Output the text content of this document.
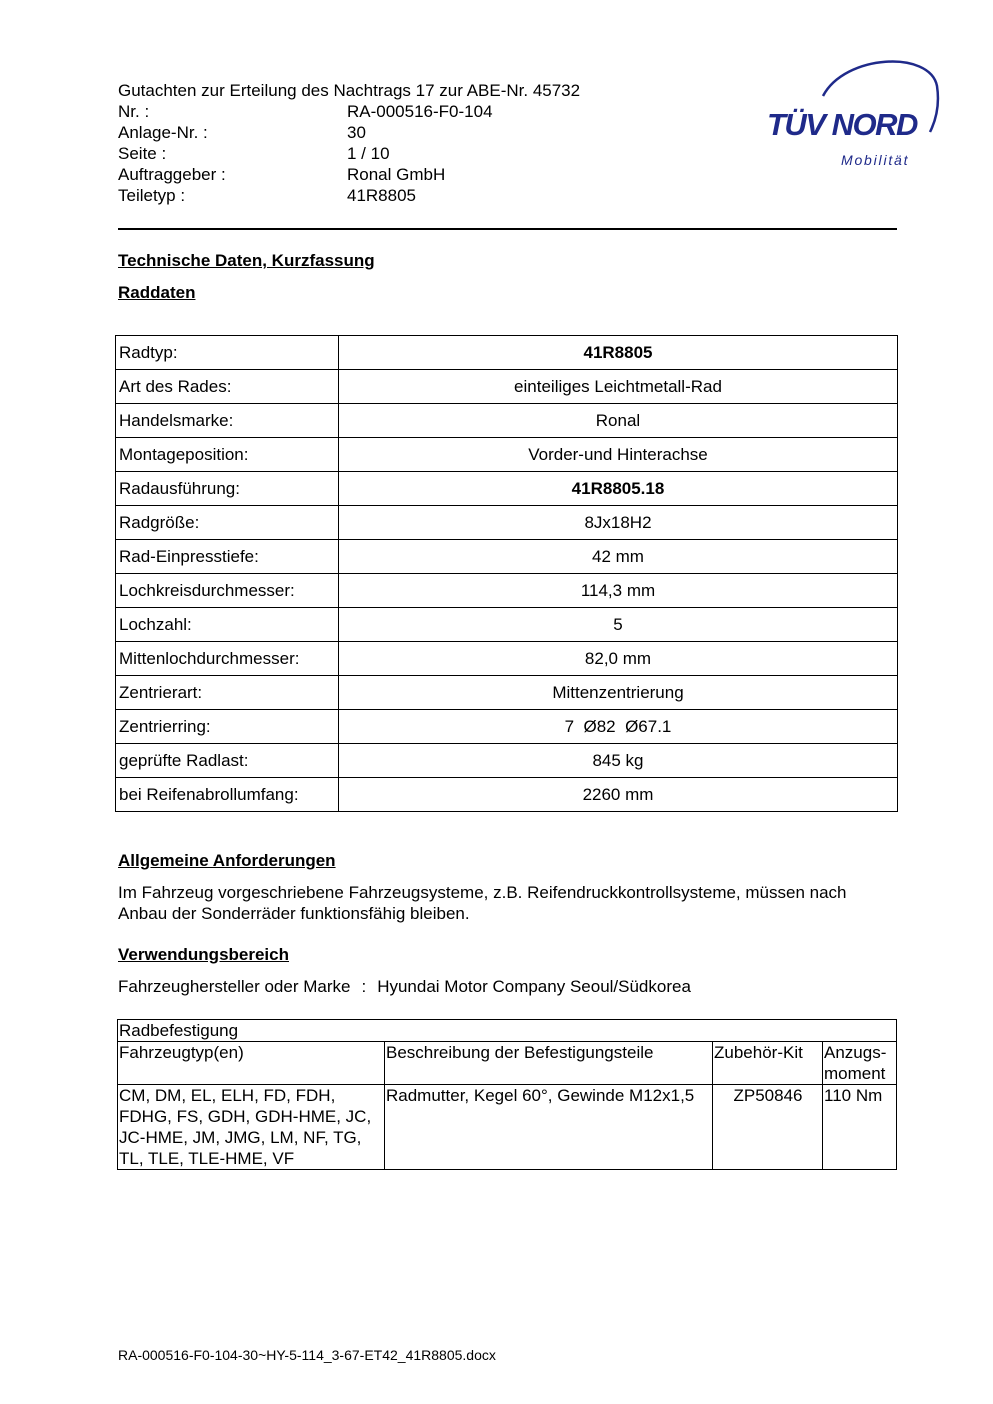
Gutachten zur Erteilung des Nachtrags 17 zur ABE-Nr. 45732
Nr. :	RA-000516-F0-104
Anlage-Nr. :	30
Seite :	1 / 10
Auftraggeber :	Ronal GmbH
Teiletyp :	41R8805
TÜV NORD
Mobilität
Technische Daten, Kurzfassung
Raddaten
Radtyp:	41R8805
Art des Rades:	einteiliges Leichtmetall-Rad
Handelsmarke:	Ronal
Montageposition:	Vorder-und Hinterachse
Radausführung:	41R8805.18
Radgröße:	8Jx18H2
Rad-Einpresstiefe:	42 mm
Lochkreisdurchmesser:	114,3 mm
Lochzahl:	5
Mittenlochdurchmesser:	82,0 mm
Zentrierart:	Mittenzentrierung
Zentrierring:	7  Ø82  Ø67.1
geprüfte Radlast:	845 kg
bei Reifenabrollumfang:	2260 mm
Allgemeine Anforderungen
Im Fahrzeug vorgeschriebene Fahrzeugsysteme, z.B. Reifendruckkontrollsysteme, müssen nach Anbau der Sonderräder funktionsfähig bleiben.
Verwendungsbereich
Fahrzeughersteller oder Marke : Hyundai Motor Company Seoul/Südkorea
Radbefestigung			
Fahrzeugtyp(en)	Beschreibung der Befestigungsteile	Zubehör-Kit	Anzugs-
moment
CM, DM, EL, ELH, FD, FDH, FDHG, FS, GDH, GDH-HME, JC, JC-HME, JM, JMG, LM, NF, TG, TL, TLE, TLE-HME, VF	Radmutter, Kegel 60°, Gewinde M12x1,5	ZP50846	110 Nm
RA-000516-F0-104-30~HY-5-114_3-67-ET42_41R8805.docx
